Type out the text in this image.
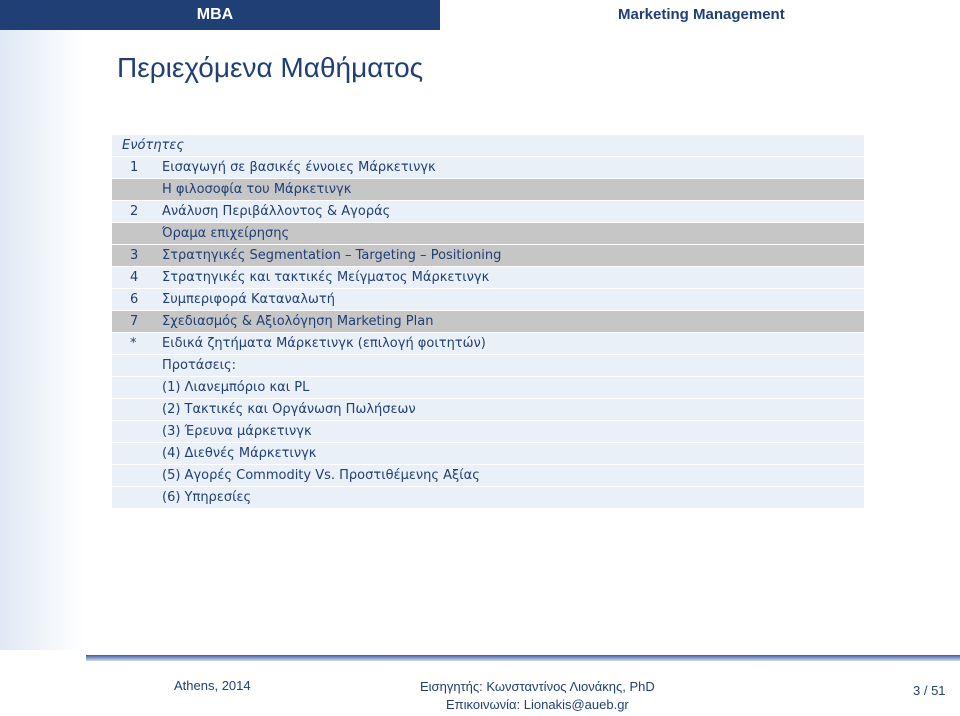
MBA	Marketing Management
Περιεχόμενα Μαθήματος
Ενότητες
1	Εισαγωγή σε βασικές έννοιες Μάρκετινγκ
Η φιλοσοφία του Μάρκετινγκ
2	Ανάλυση Περιβάλλοντος & Αγοράς
Όραμα επιχείρησης
3	Στρατηγικές Segmentation – Targeting – Positioning
4	Στρατηγικές και τακτικές Μείγματος Μάρκετινγκ
6	Συμπεριφορά Καταναλωτή
7	Σχεδιασμός & Αξιολόγηση Marketing Plan
*	Ειδικά ζητήματα Μάρκετινγκ (επιλογή φοιτητών)
Προτάσεις:
(1) Λιανεμπόριο και PL
(2) Τακτικές και Οργάνωση Πωλήσεων
(3) Έρευνα μάρκετινγκ
(4) Διεθνές Μάρκετινγκ
(5) Αγορές Commodity Vs. Προστιθέμενης Αξίας
(6) Υπηρεσίες
Athens, 2014	Εισηγητής: Κωνσταντίνος Λιονάκης, PhD
Επικοινωνία: Lionakis@aueb.gr
3 / 51
